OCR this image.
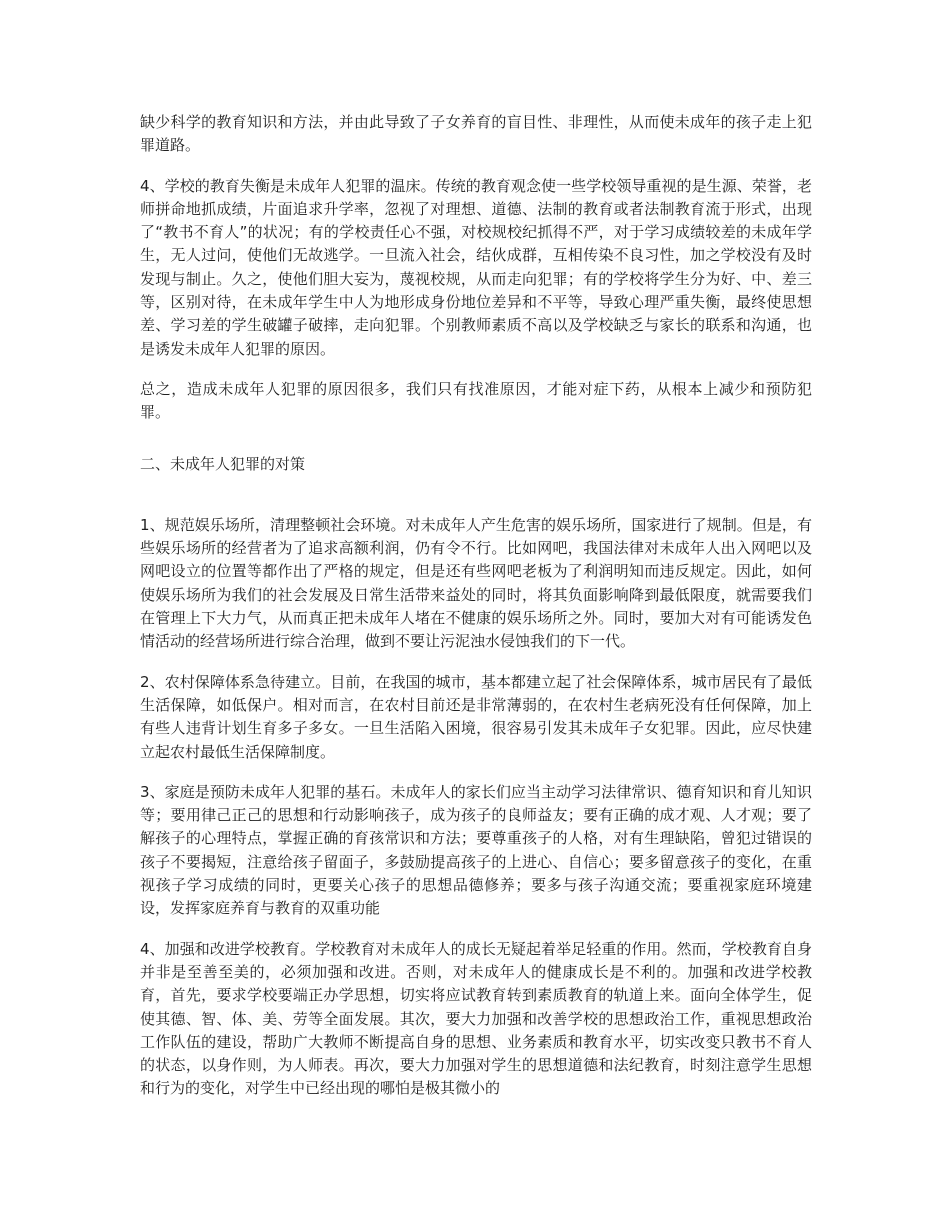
缺少科学的教育知识和方法，并由此导致了子女养育的盲目性、非理性，从而使未成年的孩子走上犯罪道路。

4、学校的教育失衡是未成年人犯罪的温床。传统的教育观念使一些学校领导重视的是生源、荣誉，老师拼命地抓成绩，片面追求升学率，忽视了对理想、道德、法制的教育或者法制教育流于形式，出现了“教书不育人”的状况；有的学校责任心不强，对校规校纪抓得不严，对于学习成绩较差的未成年学生，无人过问，使他们无故逃学。一旦流入社会，结伙成群，互相传染不良习性，加之学校没有及时发现与制止。久之，使他们胆大妄为，蔑视校规，从而走向犯罪；有的学校将学生分为好、中、差三等，区别对待，在未成年学生中人为地形成身份地位差异和不平等，导致心理严重失衡，最终使思想差、学习差的学生破罐子破摔，走向犯罪。个别教师素质不高以及学校缺乏与家长的联系和沟通，也是诱发未成年人犯罪的原因。

总之，造成未成年人犯罪的原因很多，我们只有找准原因，才能对症下药，从根本上减少和预防犯罪。

二、未成年人犯罪的对策

1、规范娱乐场所，清理整顿社会环境。对未成年人产生危害的娱乐场所，国家进行了规制。但是，有些娱乐场所的经营者为了追求高额利润，仍有令不行。比如网吧，我国法律对未成年人出入网吧以及网吧设立的位置等都作出了严格的规定，但是还有些网吧老板为了利润明知而违反规定。因此，如何使娱乐场所为我们的社会发展及日常生活带来益处的同时，将其负面影响降到最低限度，就需要我们在管理上下大力气，从而真正把未成年人堵在不健康的娱乐场所之外。同时，要加大对有可能诱发色情活动的经营场所进行综合治理，做到不要让污泥浊水侵蚀我们的下一代。

2、农村保障体系急待建立。目前，在我国的城市，基本都建立起了社会保障体系，城市居民有了最低生活保障，如低保户。相对而言，在农村目前还是非常薄弱的，在农村生老病死没有任何保障，加上有些人违背计划生育多子多女。一旦生活陷入困境，很容易引发其未成年子女犯罪。因此，应尽快建立起农村最低生活保障制度。

3、家庭是预防未成年人犯罪的基石。未成年人的家长们应当主动学习法律常识、德育知识和育儿知识等；要用律己正己的思想和行动影响孩子，成为孩子的良师益友；要有正确的成才观、人才观；要了解孩子的心理特点，掌握正确的育孩常识和方法；要尊重孩子的人格，对有生理缺陷，曾犯过错误的孩子不要揭短，注意给孩子留面子，多鼓励提高孩子的上进心、自信心；要多留意孩子的变化，在重视孩子学习成绩的同时，更要关心孩子的思想品德修养；要多与孩子沟通交流；要重视家庭环境建设，发挥家庭养育与教育的双重功能

4、加强和改进学校教育。学校教育对未成年人的成长无疑起着举足轻重的作用。然而，学校教育自身并非是至善至美的，必须加强和改进。否则，对未成年人的健康成长是不利的。加强和改进学校教育，首先，要求学校要端正办学思想，切实将应试教育转到素质教育的轨道上来。面向全体学生，促使其德、智、体、美、劳等全面发展。其次，要大力加强和改善学校的思想政治工作，重视思想政治工作队伍的建设，帮助广大教师不断提高自身的思想、业务素质和教育水平，切实改变只教书不育人的状态，以身作则，为人师表。再次，要大力加强对学生的思想道德和法纪教育，时刻注意学生思想和行为的变化，对学生中已经出现的哪怕是极其微小的
